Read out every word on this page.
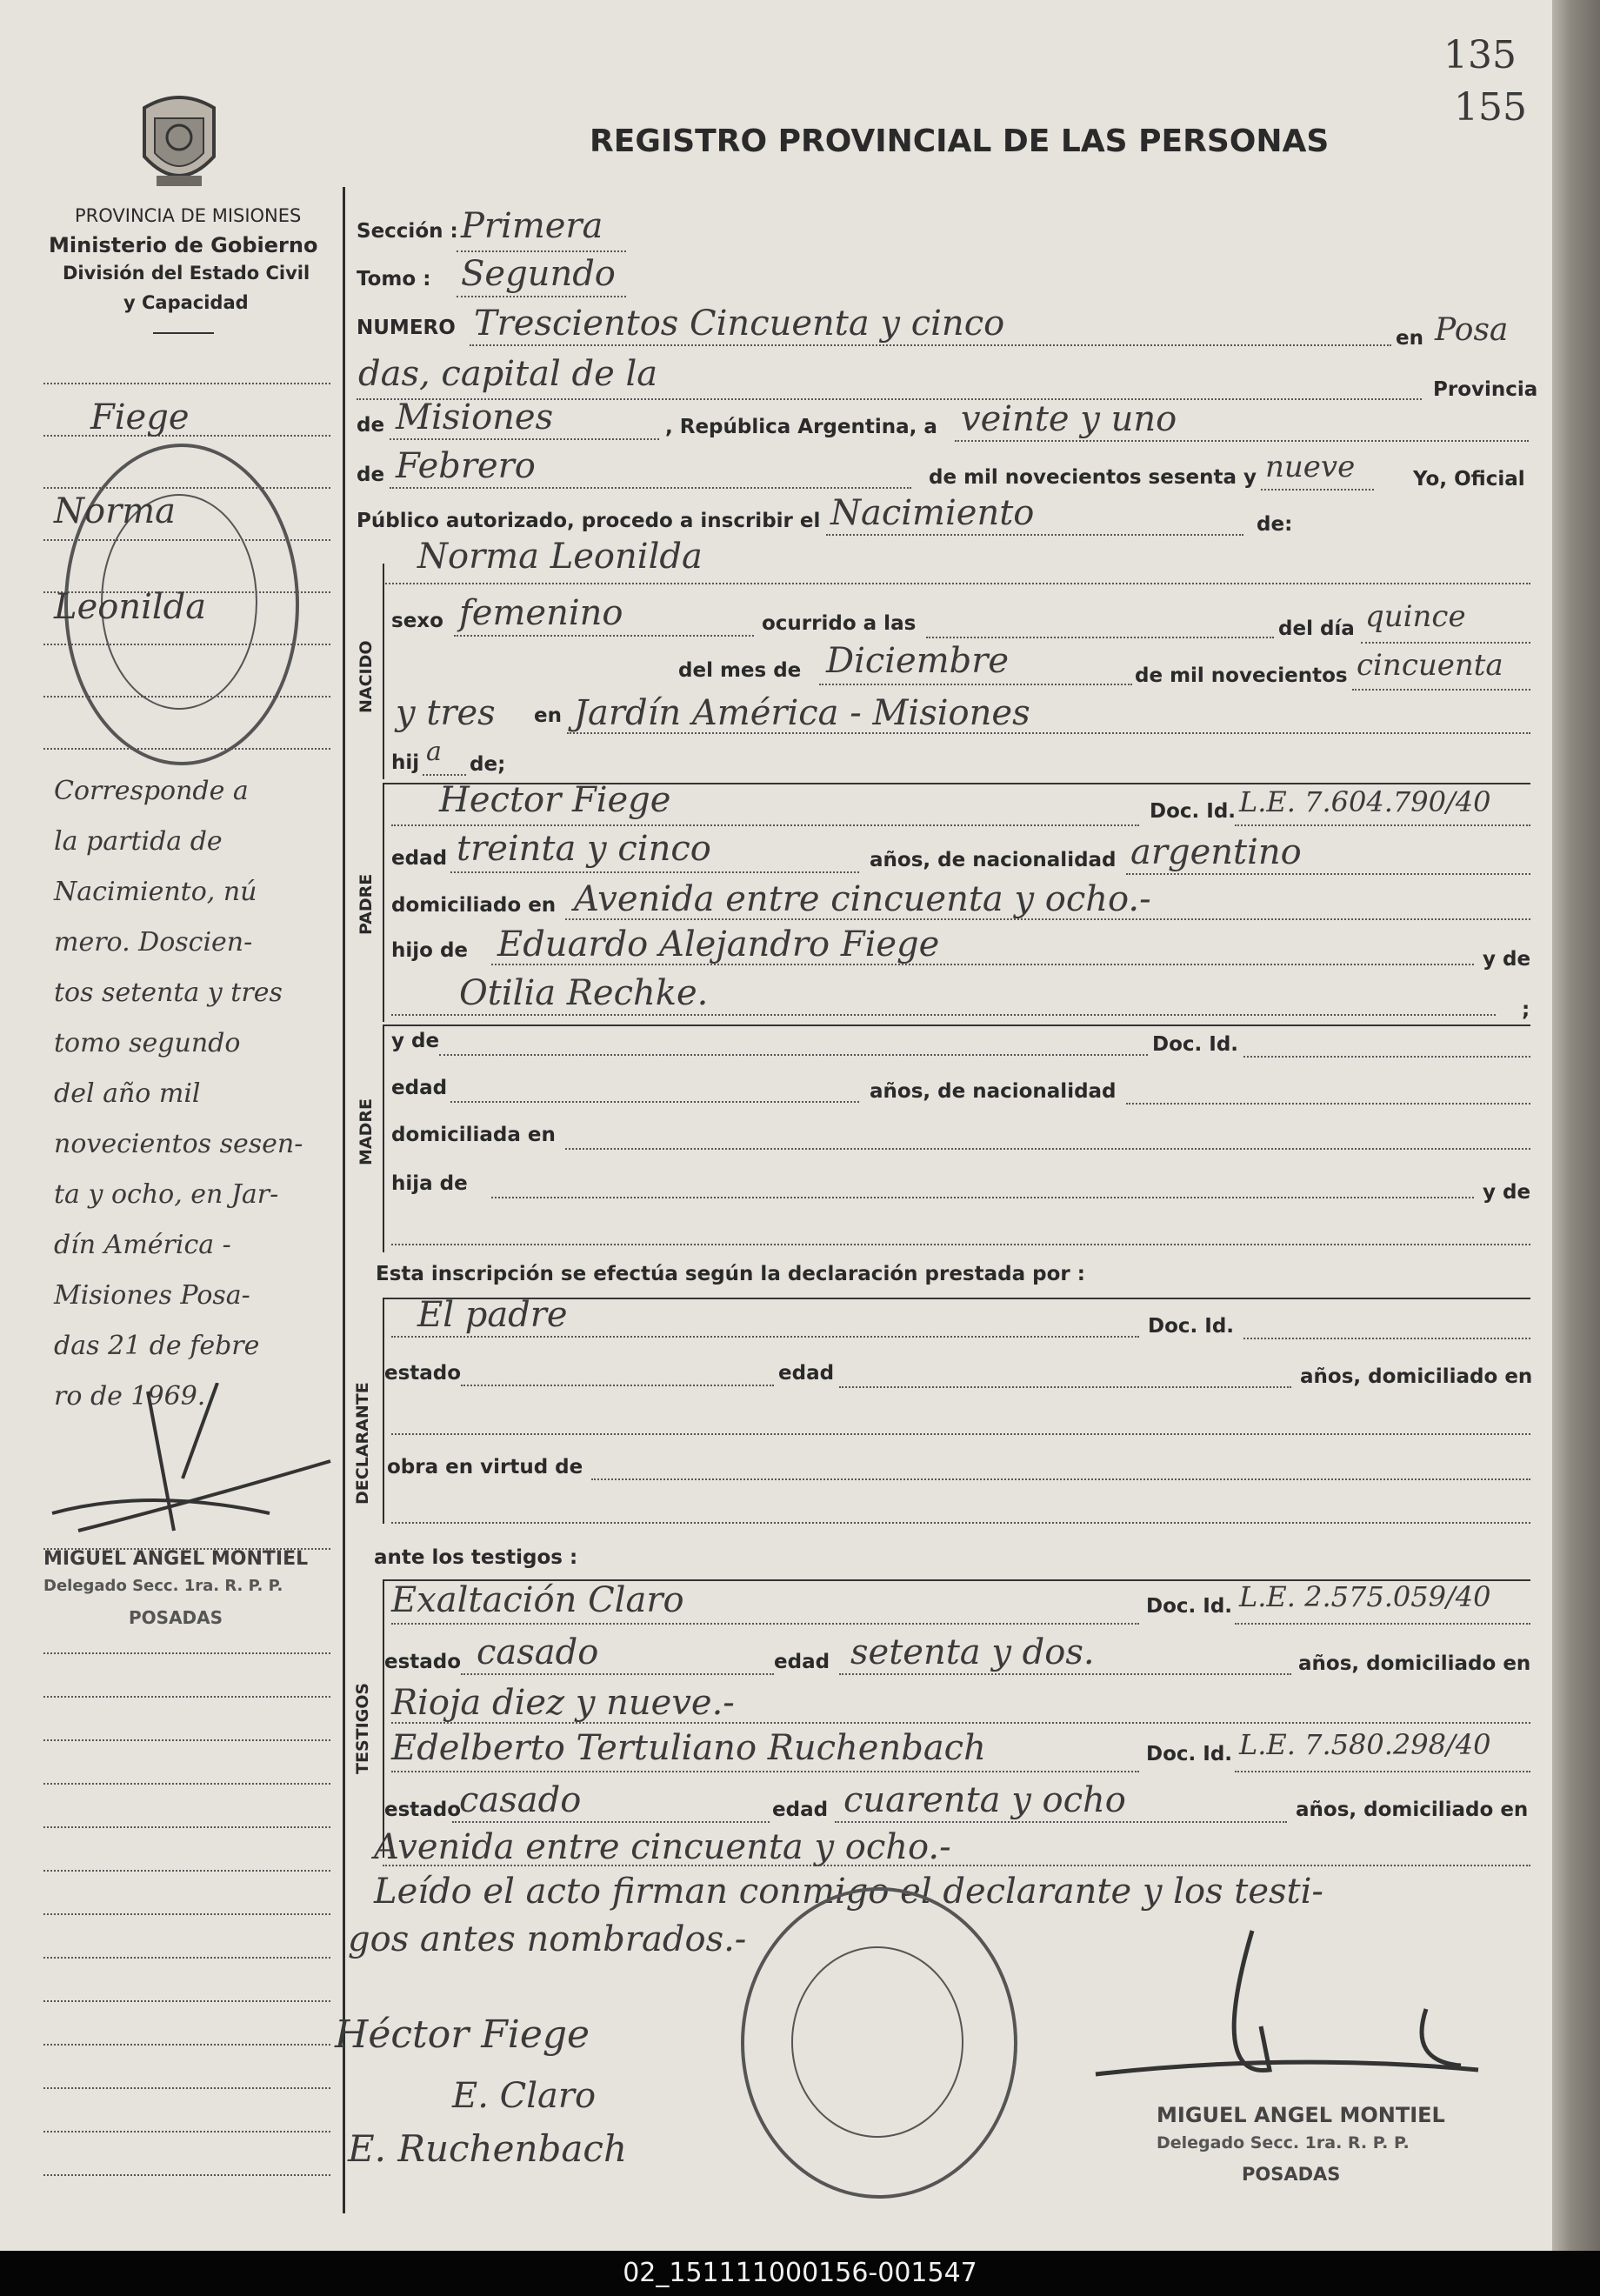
135
155
REGISTRO PROVINCIAL DE LAS PERSONAS
PROVINCIA DE MISIONES
Ministerio de Gobierno
División del Estado Civil
y Capacidad
Fiege
Norma
Leonilda
Corresponde a
la partida de
Nacimiento, nú
mero. Doscien-
tos setenta y tres
tomo segundo
del año mil
novecientos sesen-
ta y ocho, en Jar-
dín América -
Misiones Posa-
das 21 de febre
ro de 1969.
MIGUEL ANGEL MONTIEL
Delegado Secc. 1ra. R. P. P.
POSADAS
Sección : Primera
Tomo : Segundo
NUMERO Trescientos Cincuenta y cinco	en Posa
das, capital de la	Provincia
de Misiones	, República Argentina, a veinte y uno
de Febrero	de mil novecientos sesenta y nueve	Yo, Oficial
Público autorizado, procedo a inscribir el Nacimiento	de:
Norma Leonilda
NACIDO
sexo femenino	ocurrido a las	del día quince
del mes de Diciembre	de mil novecientos cincuenta
y tres en Jardín América - Misiones
hij a de;
PADRE
Hector Fiege	Doc. Id. L.E. 7.604.790/40
edad treinta y cinco	años, de nacionalidad argentino
domiciliado en Avenida entre cincuenta y ocho.-
hijo de Eduardo Alejandro Fiege	y de
Otilia Rechke.	;
MADRE
y de	Doc. Id.
edad	años, de nacionalidad
domiciliada en
hija de	y de
Esta inscripción se efectúa según la declaración prestada por :
DECLARANTE
El padre	Doc. Id.
estado	edad	años, domiciliado en
obra en virtud de
ante los testigos :
TESTIGOS
Exaltación Claro	Doc. Id. L.E. 2.575.059/40
estado casado	edad setenta y dos.	años, domiciliado en
Rioja diez y nueve.-
Edelberto Tertuliano Ruchenbach	Doc. Id. L.E. 7.580.298/40
estado
casado	edad cuarenta y ocho	años, domiciliado en
Avenida entre cincuenta y ocho.-
Leído el acto firman conmigo el declarante y los testi-
gos antes nombrados.-
Héctor Fiege
E. Claro
E. Ruchenbach
MIGUEL ANGEL MONTIEL
Delegado Secc. 1ra. R. P. P.
POSADAS
02_151111000156-001547
